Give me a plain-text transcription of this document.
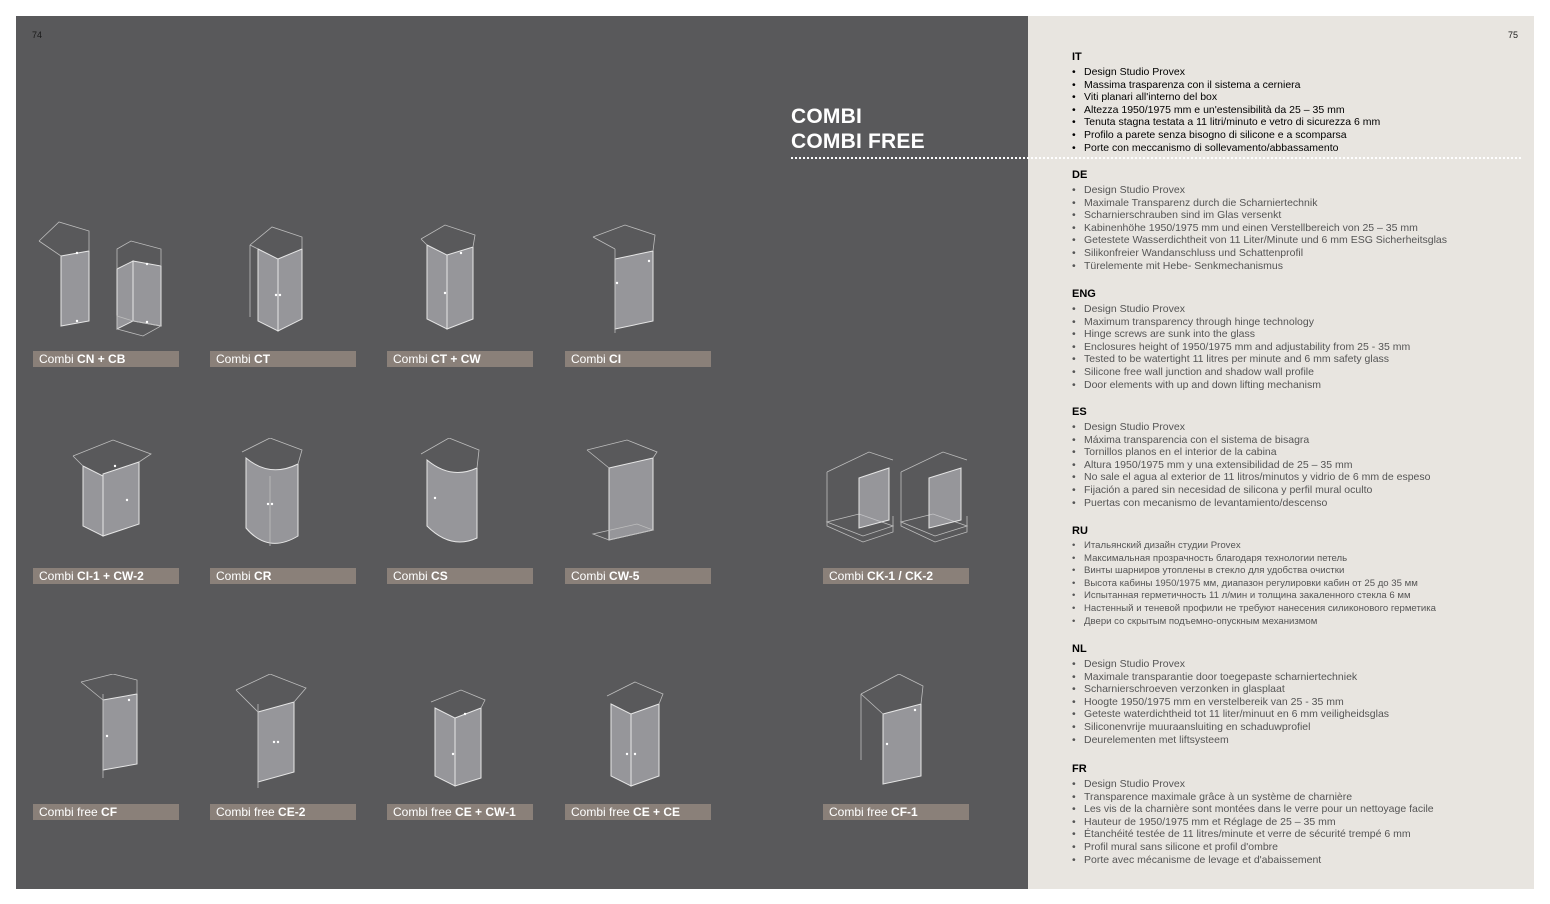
74
Combi CN + CB	Combi CT	Combi CT + CW	Combi CI
Combi CI-1 + CW-2	Combi CR	Combi CS	Combi CW-5	Combi CK-1 / CK-2
Combi free CF	Combi free CE-2	Combi free CE + CW-1	Combi free CE + CE	Combi free CF-1
COMBI
COMBI FREE
75
IT
• Design Studio Provex
• Massima trasparenza con il sistema a cerniera
• Viti planari all'interno del box
• Altezza 1950/1975 mm e un'estensibilità da 25 – 35 mm
• Tenuta stagna testata a 11 litri/minuto e vetro di sicurezza 6 mm
• Profilo a parete senza bisogno di silicone e a scomparsa
• Porte con meccanismo di sollevamento/abbassamento
DE
• Design Studio Provex
• Maximale Transparenz durch die Scharniertechnik
• Scharnierschrauben sind im Glas versenkt
• Kabinenhöhe 1950/1975 mm und einen Verstellbereich von 25 – 35 mm
• Getestete Wasserdichtheit von 11 Liter/Minute und 6 mm ESG Sicherheitsglas
• Silikonfreier Wandanschluss und Schattenprofil
• Türelemente mit Hebe- Senkmechanismus
ENG
• Design Studio Provex
• Maximum transparency through hinge technology
• Hinge screws are sunk into the glass
• Enclosures height of 1950/1975 mm and adjustability from 25 - 35 mm
• Tested to be watertight 11 litres per minute and 6 mm safety glass
• Silicone free wall junction and shadow wall profile
• Door elements with up and down lifting mechanism
ES
• Design Studio Provex
• Máxima transparencia con el sistema de bisagra
• Tornillos planos en el interior de la cabina
• Altura 1950/1975 mm y una extensibilidad de 25 – 35 mm
• No sale el agua al exterior de 11 litros/minutos y vidrio de 6 mm de espeso
• Fijación a pared sin necesidad de silicona y perfil mural oculto
• Puertas con mecanismo de levantamiento/descenso
RU
• Итальянский дизайн студии Provex
• Максимальная прозрачность благодаря технологии петель
• Винты шарниров утоплены в стекло для удобства очистки
• Высота кабины 1950/1975 мм, диапазон регулировки кабин от 25 до 35 мм
• Испытанная герметичность 11 л/мин и толщина закаленного стекла 6 мм
• Настенный и теневой профили не требуют нанесения силиконового герметика
• Двери со скрытым подъемно-опускным механизмом
NL
• Design Studio Provex
• Maximale transparantie door toegepaste scharniertechniek
• Scharnierschroeven verzonken in glasplaat
• Hoogte 1950/1975 mm en verstelbereik van 25 - 35 mm
• Geteste waterdichtheid tot 11 liter/minuut en 6 mm veiligheidsglas
• Siliconenvrije muuraansluiting en schaduwprofiel
• Deurelementen met liftsysteem
FR
• Design Studio Provex
• Transparence maximale grâce à un système de charnière
• Les vis de la charnière sont montées dans le verre pour un nettoyage facile
• Hauteur de 1950/1975 mm et Réglage de 25 – 35 mm
• Étanchéité testée de 11 litres/minute et verre de sécurité trempé 6 mm
• Profil mural sans silicone et profil d'ombre
• Porte avec mécanisme de levage et d'abaissement
